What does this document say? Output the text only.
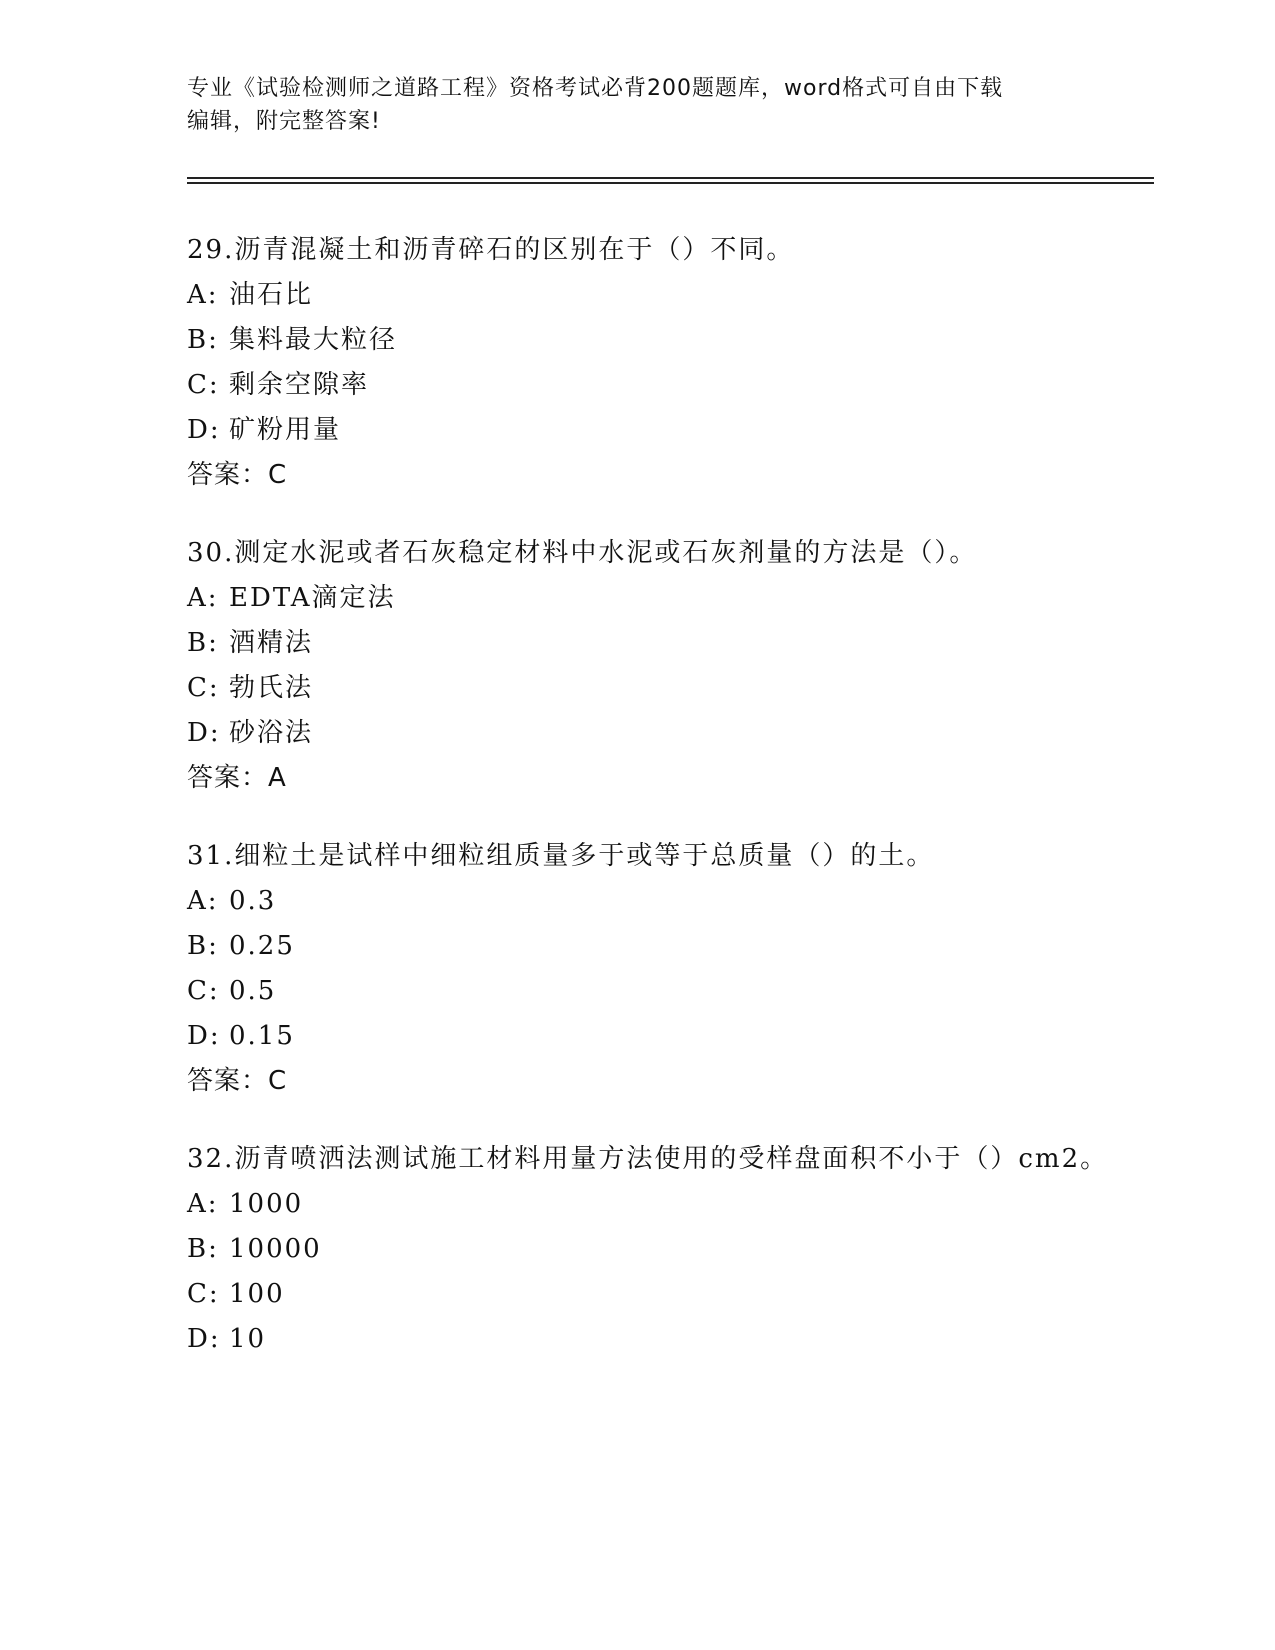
专业《试验检测师之道路工程》资格考试必背200题题库，word格式可自由下载
编辑，附完整答案!
29.沥青混凝土和沥青碎石的区别在于（）不同。
A: 油石比
B: 集料最大粒径
C: 剩余空隙率
D: 矿粉用量
答案：C
30.测定水泥或者石灰稳定材料中水泥或石灰剂量的方法是（）。
A: EDTA滴定法
B: 酒精法
C: 勃氏法
D: 砂浴法
答案：A
31.细粒土是试样中细粒组质量多于或等于总质量（）的土。
A: 0.3
B: 0.25
C: 0.5
D: 0.15
答案：C
32.沥青喷洒法测试施工材料用量方法使用的受样盘面积不小于（）cm2。
A: 1000
B: 10000
C: 100
D: 10
